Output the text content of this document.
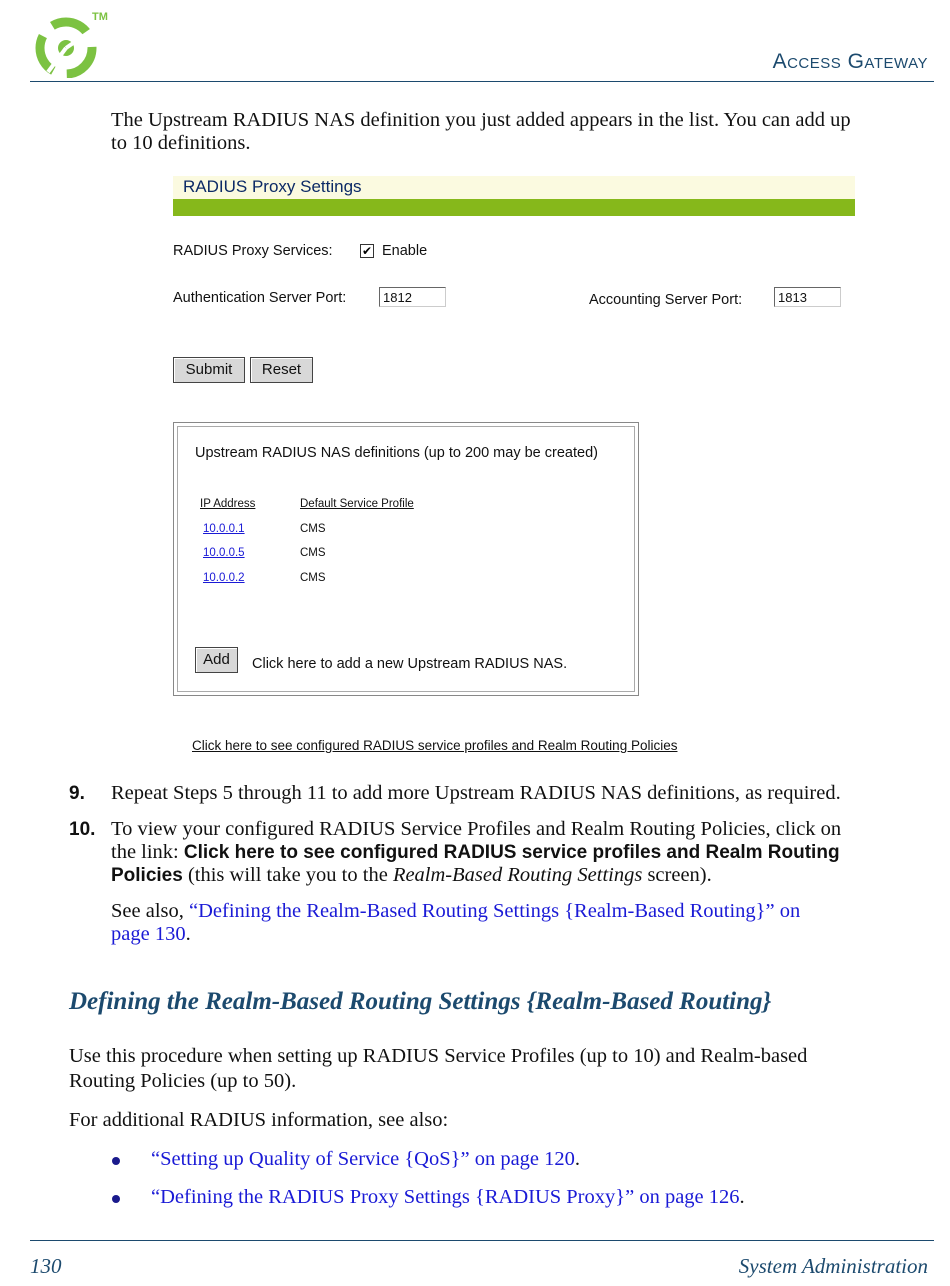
TM
Access Gateway
The Upstream RADIUS NAS definition you just added appears in the list. You can add up
to 10 definitions.
RADIUS Proxy Settings
RADIUS Proxy Services: ✔ Enable
Authentication Server Port:	1812	Accounting Server Port:	1813
Submit	Reset
Upstream RADIUS NAS definitions (up to 200 may be created)
IP Address	Default Service Profile
10.0.0.1	CMS
10.0.0.5	CMS
10.0.0.2	CMS
Add	Click here to add a new Upstream RADIUS NAS.
Click here to see configured RADIUS service profiles and Realm Routing Policies
9. Repeat Steps 5 through 11 to add more Upstream RADIUS NAS definitions, as required.
10. To view your configured RADIUS Service Profiles and Realm Routing Policies, click on
the link: Click here to see configured RADIUS service profiles and Realm Routing
Policies (this will take you to the Realm-Based Routing Settings screen).
See also, “Defining the Realm-Based Routing Settings {Realm-Based Routing}” on
page 130.
Defining the Realm-Based Routing Settings {Realm-Based Routing}
Use this procedure when setting up RADIUS Service Profiles (up to 10) and Realm-based
Routing Policies (up to 50).
For additional RADIUS information, see also:
“Setting up Quality of Service {QoS}” on page 120.
“Defining the RADIUS Proxy Settings {RADIUS Proxy}” on page 126.
130	System Administration
